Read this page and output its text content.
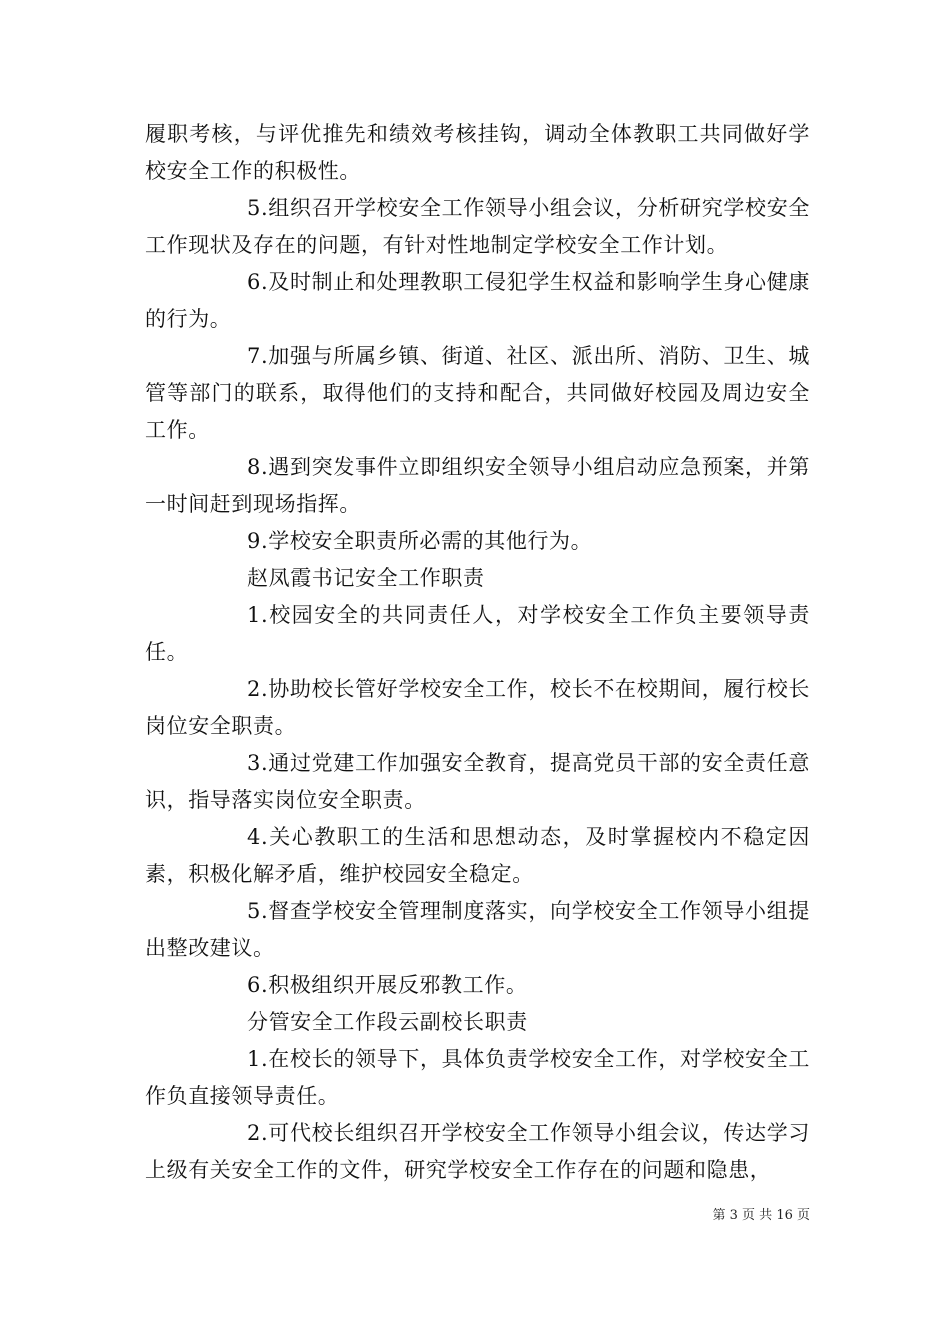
履职考核，与评优推先和绩效考核挂钩，调动全体教职工共同做好学校安全工作的积极性。

5.组织召开学校安全工作领导小组会议，分析研究学校安全工作现状及存在的问题，有针对性地制定学校安全工作计划。

6.及时制止和处理教职工侵犯学生权益和影响学生身心健康的行为。

7.加强与所属乡镇、街道、社区、派出所、消防、卫生、城管等部门的联系，取得他们的支持和配合，共同做好校园及周边安全工作。

8.遇到突发事件立即组织安全领导小组启动应急预案，并第一时间赶到现场指挥。

9.学校安全职责所必需的其他行为。

赵凤霞书记安全工作职责

1.校园安全的共同责任人，对学校安全工作负主要领导责任。

2.协助校长管好学校安全工作，校长不在校期间，履行校长岗位安全职责。

3.通过党建工作加强安全教育，提高党员干部的安全责任意识，指导落实岗位安全职责。

4.关心教职工的生活和思想动态，及时掌握校内不稳定因素，积极化解矛盾，维护校园安全稳定。

5.督查学校安全管理制度落实，向学校安全工作领导小组提出整改建议。

6.积极组织开展反邪教工作。

分管安全工作段云副校长职责

1.在校长的领导下，具体负责学校安全工作，对学校安全工作负直接领导责任。

2.可代校长组织召开学校安全工作领导小组会议，传达学习上级有关安全工作的文件，研究学校安全工作存在的问题和隐患，

第 3 页 共 16 页
